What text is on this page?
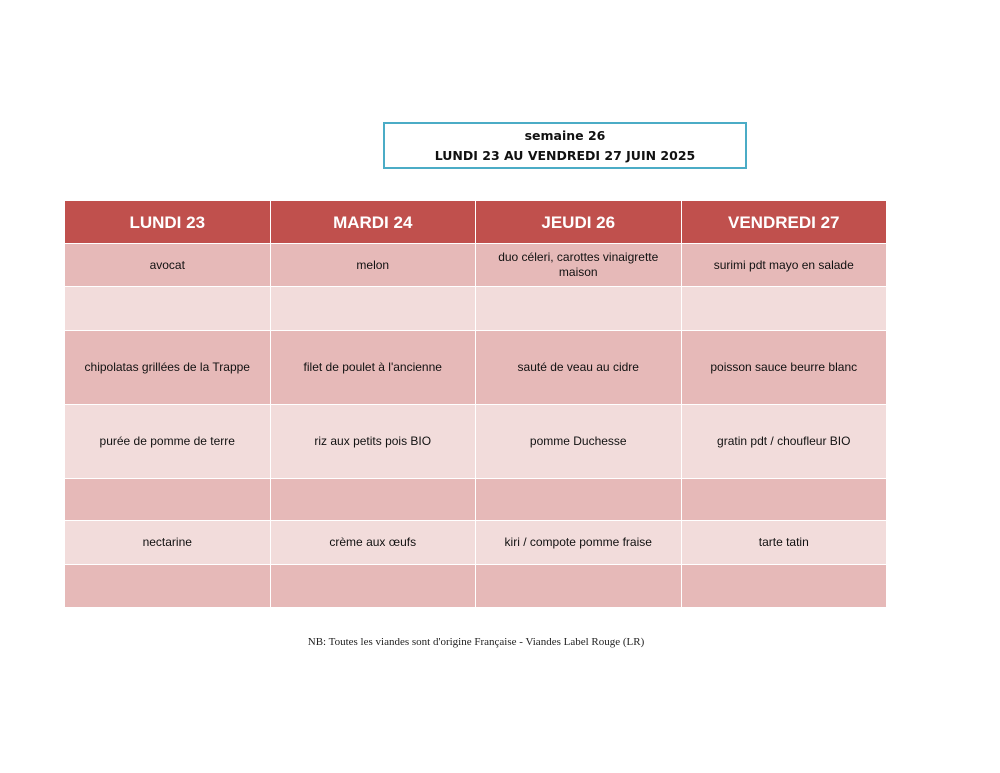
semaine 26
LUNDI 23 AU VENDREDI 27 JUIN 2025
LUNDI 23	MARDI 24	JEUDI 26	VENDREDI 27
avocat	melon	duo céleri, carottes vinaigrette maison	surimi pdt mayo en salade

chipolatas grillées de la Trappe	filet de poulet à l'ancienne	sauté de veau au cidre	poisson sauce beurre blanc
purée de pomme de terre	riz aux petits pois BIO	pomme Duchesse	gratin pdt / choufleur BIO

nectarine	crème aux œufs	kiri / compote pomme fraise	tarte tatin

NB: Toutes les viandes sont d'origine Française - Viandes Label Rouge (LR)
